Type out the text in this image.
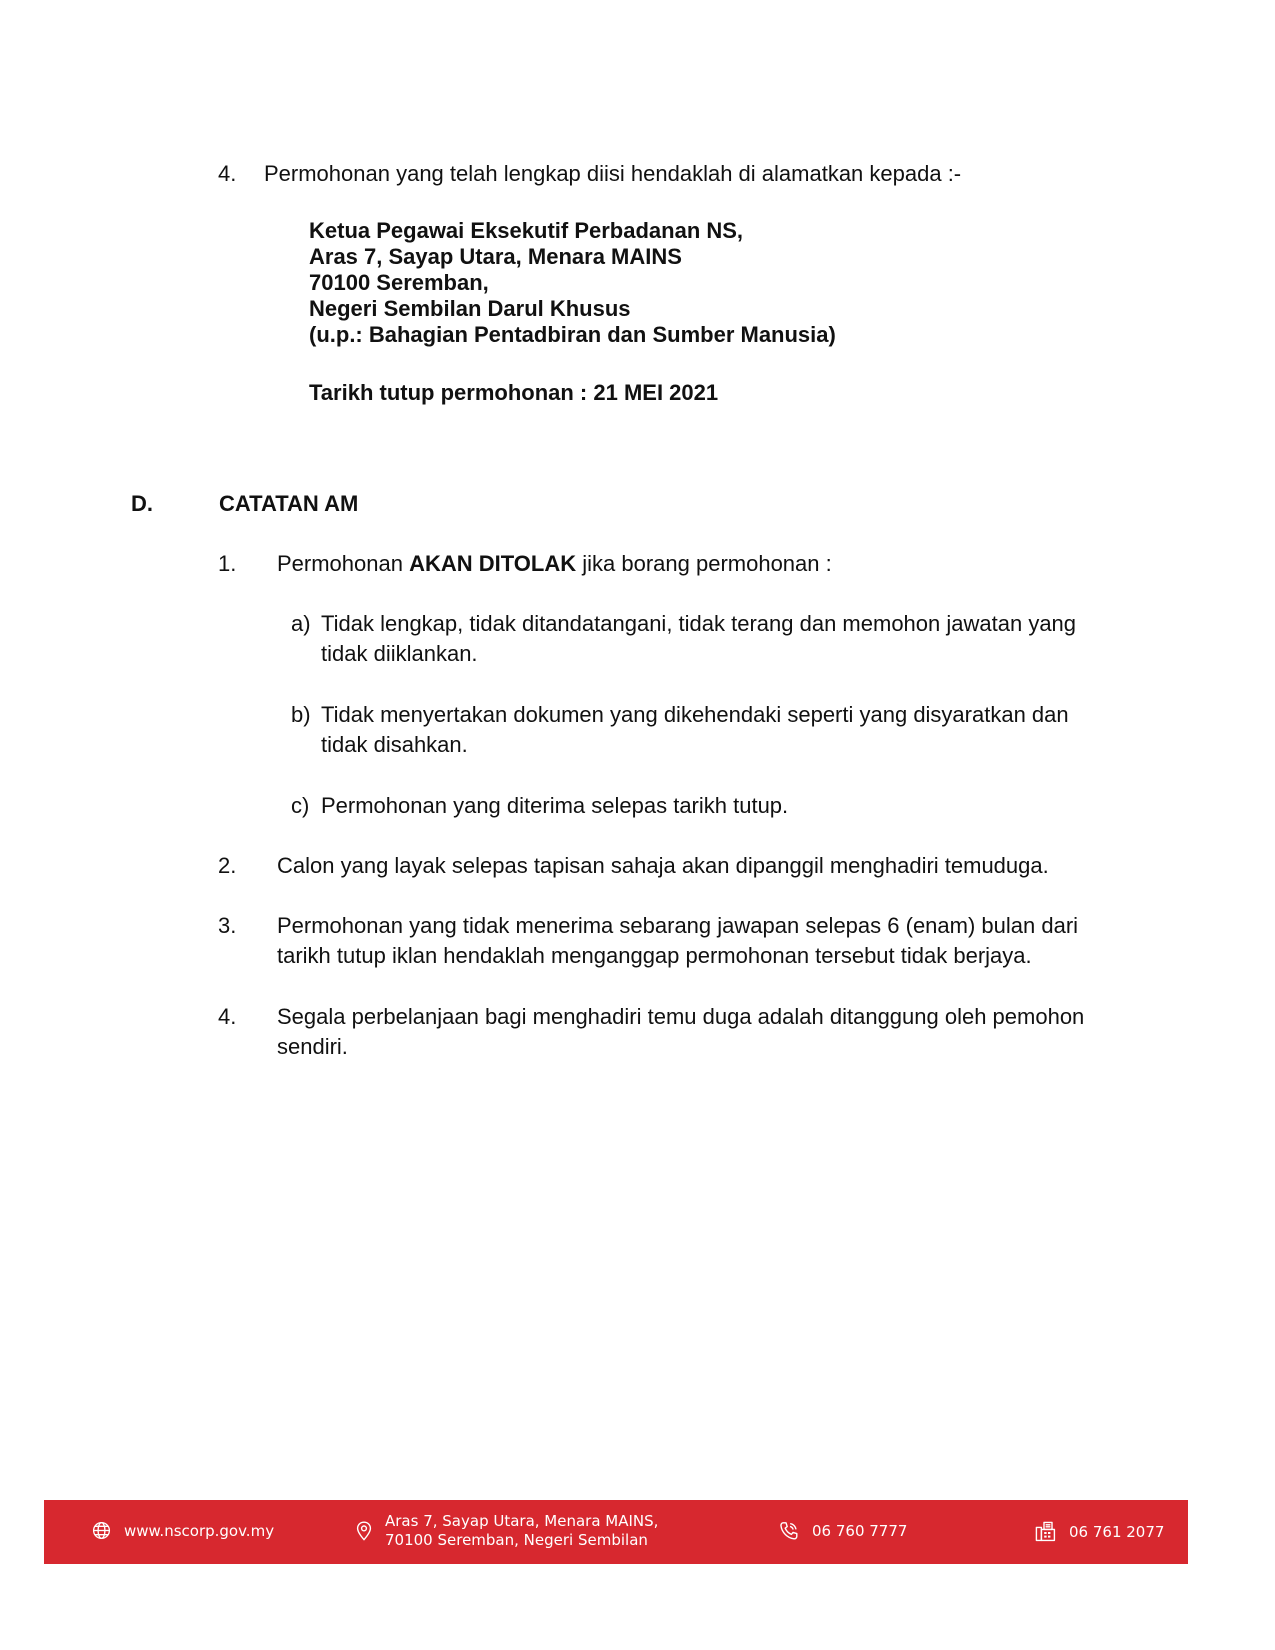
4. Permohonan yang telah lengkap diisi hendaklah di alamatkan kepada :-
Ketua Pegawai Eksekutif Perbadanan NS,
Aras 7, Sayap Utara, Menara MAINS
70100 Seremban,
Negeri Sembilan Darul Khusus
(u.p.: Bahagian Pentadbiran dan Sumber Manusia)
Tarikh tutup permohonan : 21 MEI 2021
D.	CATATAN AM
1. Permohonan AKAN DITOLAK jika borang permohonan :
a) Tidak lengkap, tidak ditandatangani, tidak terang dan memohon jawatan yang
tidak diiklankan.
b) Tidak menyertakan dokumen yang dikehendaki seperti yang disyaratkan dan
tidak disahkan.
c) Permohonan yang diterima selepas tarikh tutup.
2. Calon yang layak selepas tapisan sahaja akan dipanggil menghadiri temuduga.
3. Permohonan yang tidak menerima sebarang jawapan selepas 6 (enam) bulan dari
tarikh tutup iklan hendaklah menganggap permohonan tersebut tidak berjaya.
4. Segala perbelanjaan bagi menghadiri temu duga adalah ditanggung oleh pemohon
sendiri.
www.nscorp.gov.my
Aras 7, Sayap Utara, Menara MAINS,
70100 Seremban, Negeri Sembilan	06 760 7777	06 761 2077
